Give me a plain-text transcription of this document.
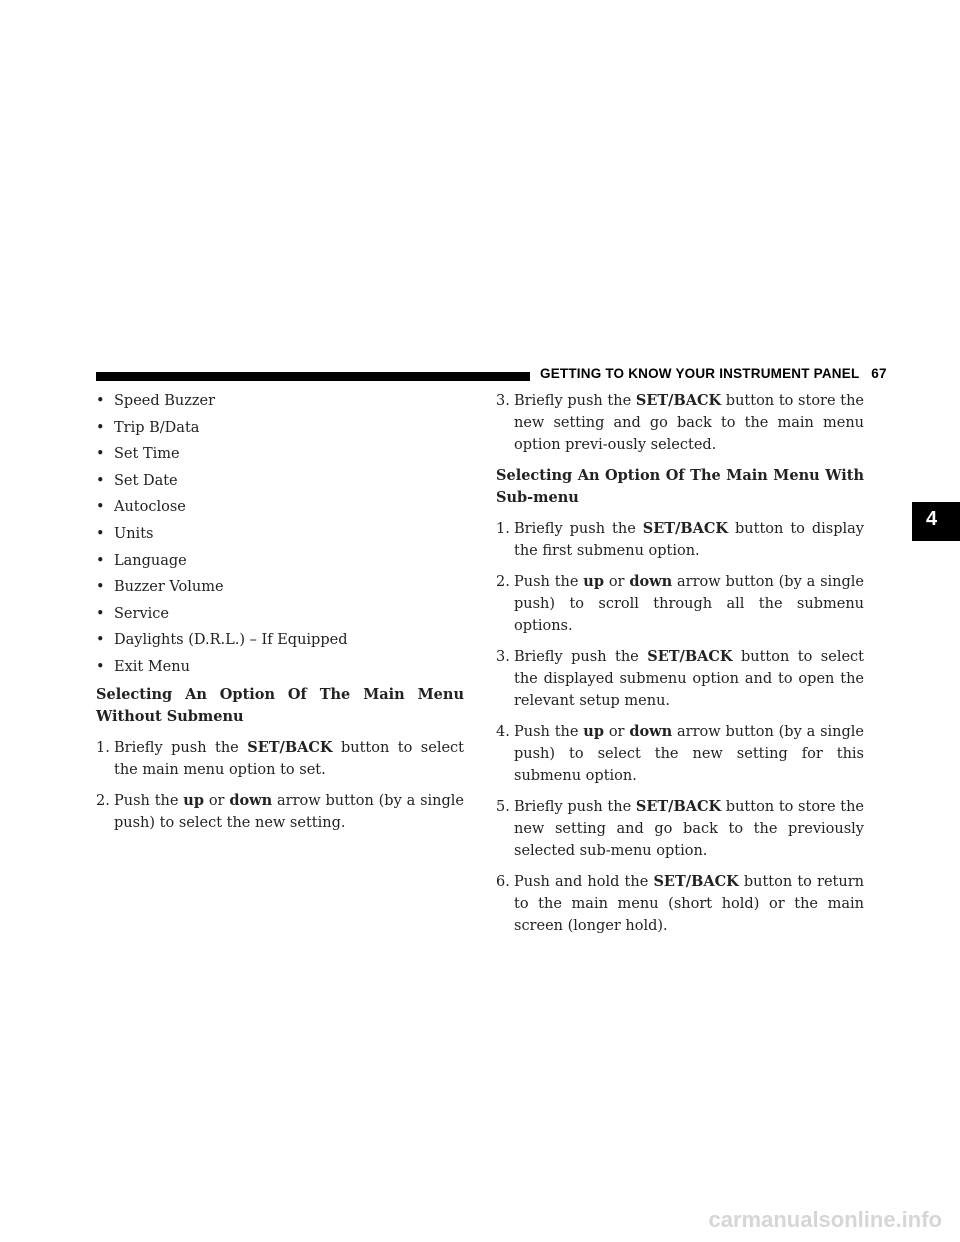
GETTING TO KNOW YOUR INSTRUMENT PANEL 67
4
• Speed Buzzer
• Trip B/Data
• Set Time
• Set Date
• Autoclose
• Units
• Language
• Buzzer Volume
• Service
• Daylights (D.R.L.) – If Equipped
• Exit Menu
Selecting An Option Of The Main Menu Without Submenu
1. Briefly push the SET/BACK button to select the main menu option to set.
2. Push the up or down arrow button (by a single push) to select the new setting.
3. Briefly push the SET/BACK button to store the new setting and go back to the main menu option previ-ously selected.
Selecting An Option Of The Main Menu With Sub-menu
1. Briefly push the SET/BACK button to display the first submenu option.
2. Push the up or down arrow button (by a single push) to scroll through all the submenu options.
3. Briefly push the SET/BACK button to select the displayed submenu option and to open the relevant setup menu.
4. Push the up or down arrow button (by a single push) to select the new setting for this submenu option.
5. Briefly push the SET/BACK button to store the new setting and go back to the previously selected sub-menu option.
6. Push and hold the SET/BACK button to return to the main menu (short hold) or the main screen (longer hold).
carmanualsonline.info
